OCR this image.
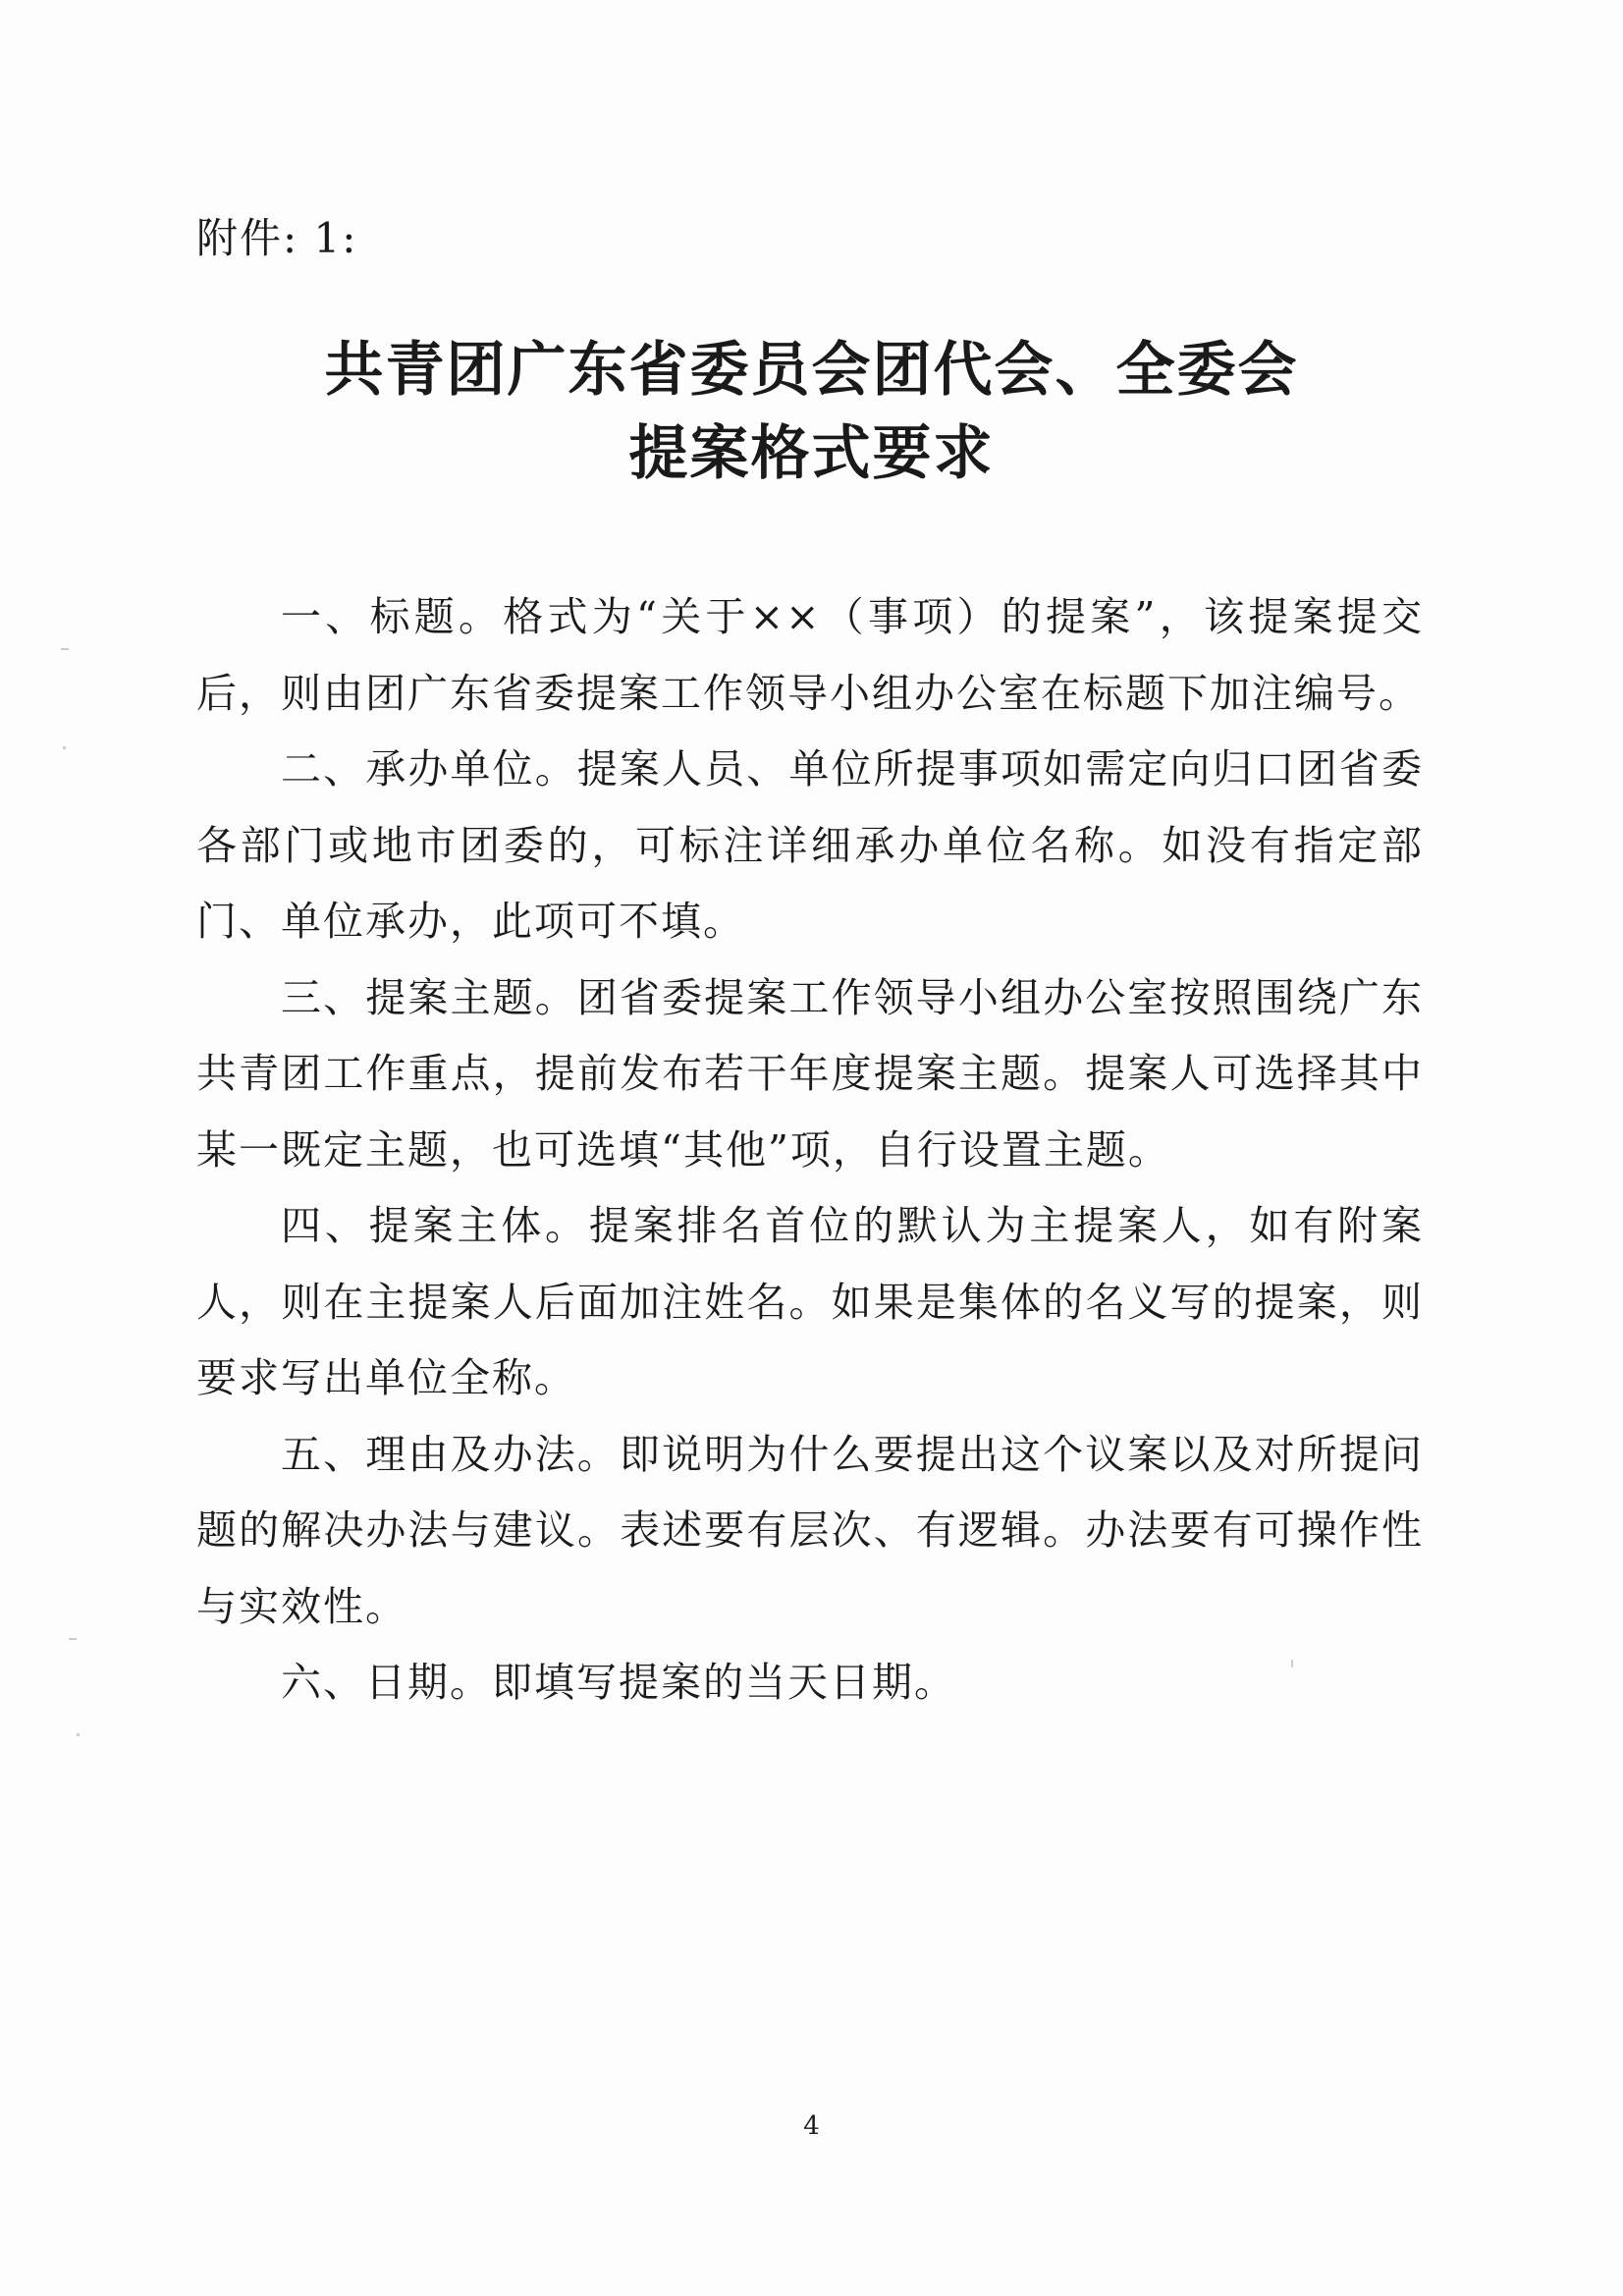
附件: 1:
共青团广东省委员会团代会、全委会
提案格式要求

一、标题。格式为“关于××（事项）的提案”，该提案提交后，则由团广东省委提案工作领导小组办公室在标题下加注编号。

二、承办单位。提案人员、单位所提事项如需定向归口团省委各部门或地市团委的，可标注详细承办单位名称。如没有指定部门、单位承办，此项可不填。

三、提案主题。团省委提案工作领导小组办公室按照围绕广东共青团工作重点，提前发布若干年度提案主题。提案人可选择其中某一既定主题，也可选填“其他”项，自行设置主题。

四、提案主体。提案排名首位的默认为主提案人，如有附案人，则在主提案人后面加注姓名。如果是集体的名义写的提案，则要求写出单位全称。

五、理由及办法。即说明为什么要提出这个议案以及对所提问题的解决办法与建议。表述要有层次、有逻辑。办法要有可操作性与实效性。

六、日期。即填写提案的当天日期。

4
